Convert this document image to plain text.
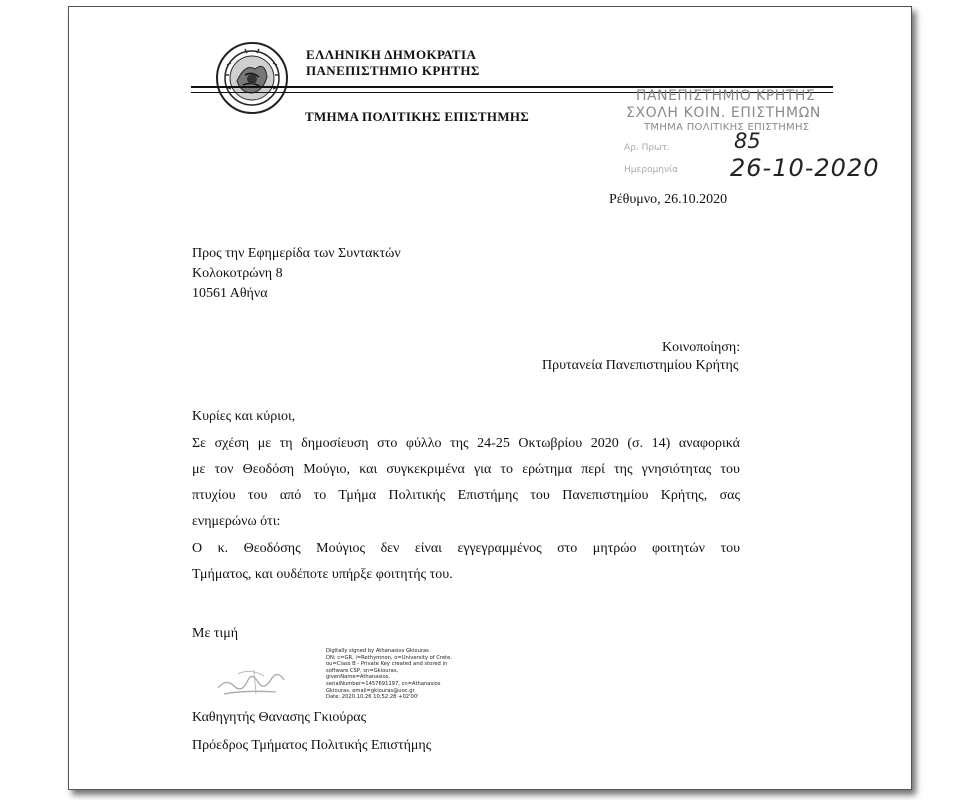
ΕΛΛΗΝΙΚΗ ΔΗΜΟΚΡΑΤΙΑ
ΠΑΝΕΠΙΣΤΗΜΙΟ ΚΡΗΤΗΣ
ΤΜΗΜΑ ΠΟΛΙΤΙΚΗΣ ΕΠΙΣΤΗΜΗΣ
ΠΑΝΕΠΙΣΤΗΜΙΟ ΚΡΗΤΗΣ
ΣΧΟΛΗ ΚΟΙΝ. ΕΠΙΣΤΗΜΩΝ
ΤΜΗΜΑ ΠΟΛΙΤΙΚΗΣ ΕΠΙΣΤΗΜΗΣ
Αρ. Πρωτ.
Ημερομηνία
85
26-10-2020
Ρέθυμνο, 26.10.2020
Προς την Εφημερίδα των Συντακτών
Κολοκοτρώνη 8
10561 Αθήνα
Κοινοποίηση:
Πρυτανεία Πανεπιστημίου Κρήτης
Κυρίες και κύριοι,
Σε σχέση με τη δημοσίευση στο φύλλο της 24-25 Οκτωβρίου 2020 (σ. 14) αναφορικά
με τον Θεοδόση Μούγιο, και συγκεκριμένα για το ερώτημα περί της γνησιότητας του
πτυχίου του από το Τμήμα Πολιτικής Επιστήμης του Πανεπιστημίου Κρήτης, σας
ενημερώνω ότι:
Ο κ. Θεοδόσης Μούγιος δεν είναι εγγεγραμμένος στο μητρώο φοιτητών του
Τμήματος, και ουδέποτε υπήρξε φοιτητής του.
Με τιμή
Digitally signed by Athanasios Gkiouras
DN: c=GR, l=Rethymnon, o=University of Crete,
ou=Class B - Private Key created and stored in
software CSP, sn=Gkiouras,
givenName=Athanasios,
serialNumber=1457691197, cn=Athanasios
Gkiouras, email=gkiouras@uoc.gr
Date: 2020.10.26 10:52:28 +02'00'
Καθηγητής Θανασης Γκιούρας
Πρόεδρος Τμήματος Πολιτικής Επιστήμης
